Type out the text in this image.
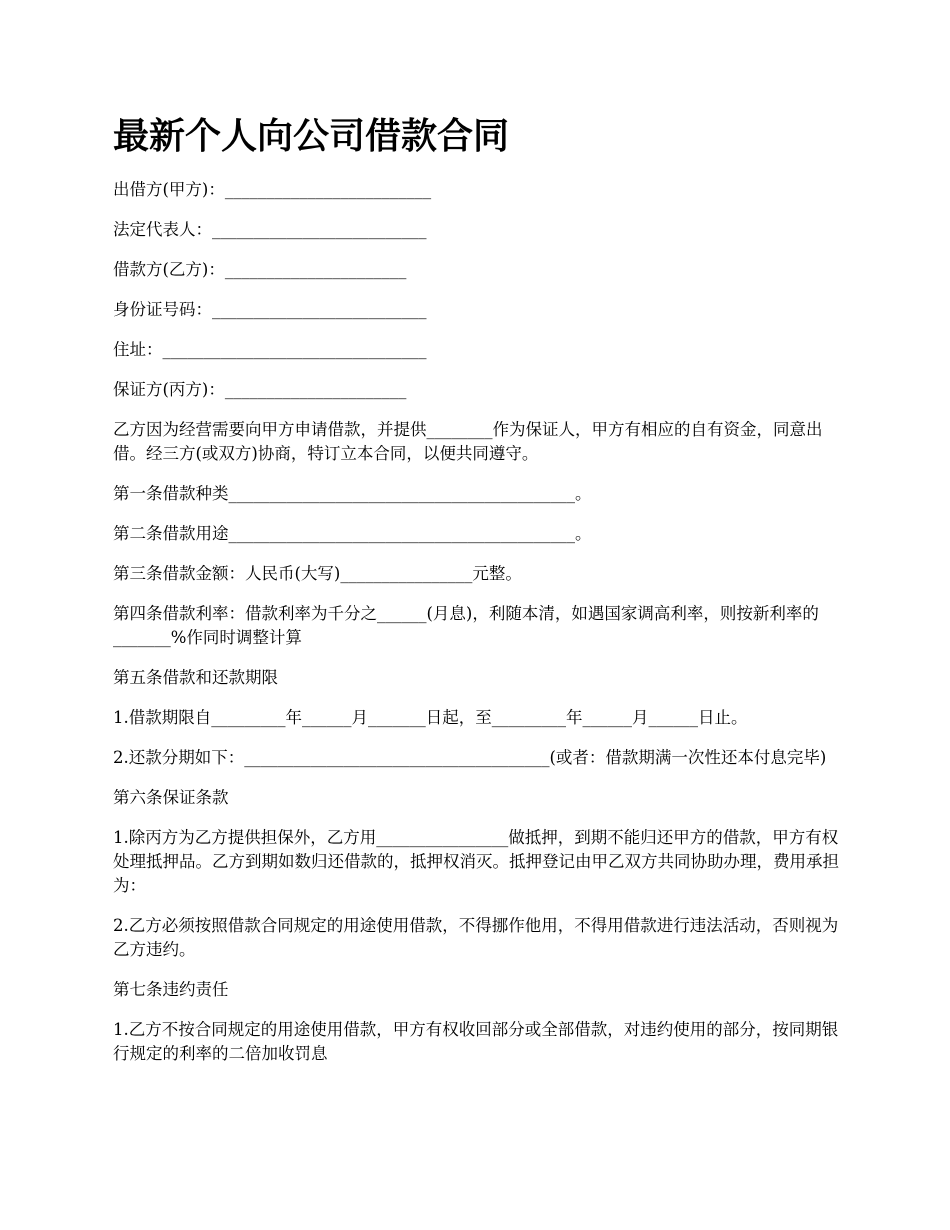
最新个人向公司借款合同

出借方(甲方)：_________________________

法定代表人：__________________________

借款方(乙方)：______________________

身份证号码：__________________________

住址：________________________________

保证方(丙方)：______________________

乙方因为经营需要向甲方申请借款，并提供________作为保证人，甲方有相应的自有资金，同意出借。经三方(或双方)协商，特订立本合同，以便共同遵守。

第一条借款种类__________________________________________。

第二条借款用途__________________________________________。

第三条借款金额：人民币(大写)________________元整。

第四条借款利率：借款利率为千分之______(月息)，利随本清，如遇国家调高利率，则按新利率的_______%作同时调整计算

第五条借款和还款期限

1.借款期限自_________年______月_______日起，至_________年______月______日止。

2.还款分期如下：_____________________________________(或者：借款期满一次性还本付息完毕)

第六条保证条款

1.除丙方为乙方提供担保外，乙方用________________做抵押，到期不能归还甲方的借款，甲方有权处理抵押品。乙方到期如数归还借款的，抵押权消灭。抵押登记由甲乙双方共同协助办理，费用承担为：

2.乙方必须按照借款合同规定的用途使用借款，不得挪作他用，不得用借款进行违法活动，否则视为乙方违约。

第七条违约责任

1.乙方不按合同规定的用途使用借款，甲方有权收回部分或全部借款，对违约使用的部分，按同期银行规定的利率的二倍加收罚息
